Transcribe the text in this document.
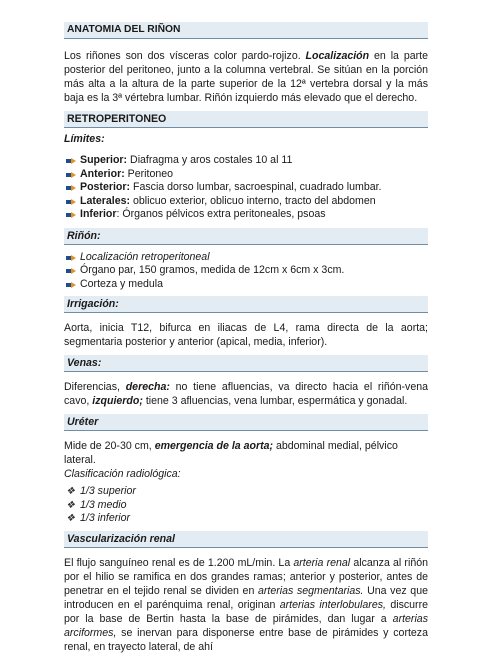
ANATOMIA DEL RIÑON

Los riñones son dos vísceras color pardo-rojizo. Localización en la parte posterior del peritoneo, junto a la columna vertebral. Se sitúan en la porción más alta a la altura de la parte superior de la 12ª vertebra dorsal y la más baja es la 3ª vértebra lumbar. Riñón izquierdo más elevado que el derecho.

RETROPERITONEO
Límites:
Superior: Diafragma y aros costales 10 al 11
Anterior: Peritoneo
Posterior: Fascia dorso lumbar, sacroespinal, cuadrado lumbar.
Laterales: oblicuo exterior, oblicuo interno, tracto del abdomen
Inferior: Órganos pélvicos extra peritoneales, psoas
Riñón:
Localización retroperitoneal
Órgano par, 150 gramos, medida de 12cm x 6cm x 3cm.
Corteza y medula
Irrigación:

Aorta, inicia T12, bifurca en iliacas de L4, rama directa de la aorta; segmentaria posterior y anterior (apical, media, inferior).

Venas:

Diferencias, derecha: no tiene afluencias, va directo hacia el riñón-vena cavo, izquierdo; tiene 3 afluencias, vena lumbar, espermática y gonadal.

Uréter

Mide de 20-30 cm, emergencia de la aorta; abdominal medial, pélvico lateral.

Clasificación radiológica:

❖ 1/3 superior
❖ 1/3 medio
❖ 1/3 inferior
Vascularización renal

El flujo sanguíneo renal es de 1.200 mL/min. La arteria renal alcanza al riñón por el hilio se ramifica en dos grandes ramas; anterior y posterior, antes de penetrar en el tejido renal se dividen en arterias segmentarias. Una vez que introducen en el parénquima renal, originan arterias interlobulares, discurre por la base de Bertin hasta la base de pirámides, dan lugar a arterias arciformes, se inervan para disponerse entre base de pirámides y corteza renal, en trayecto lateral, de ahí
